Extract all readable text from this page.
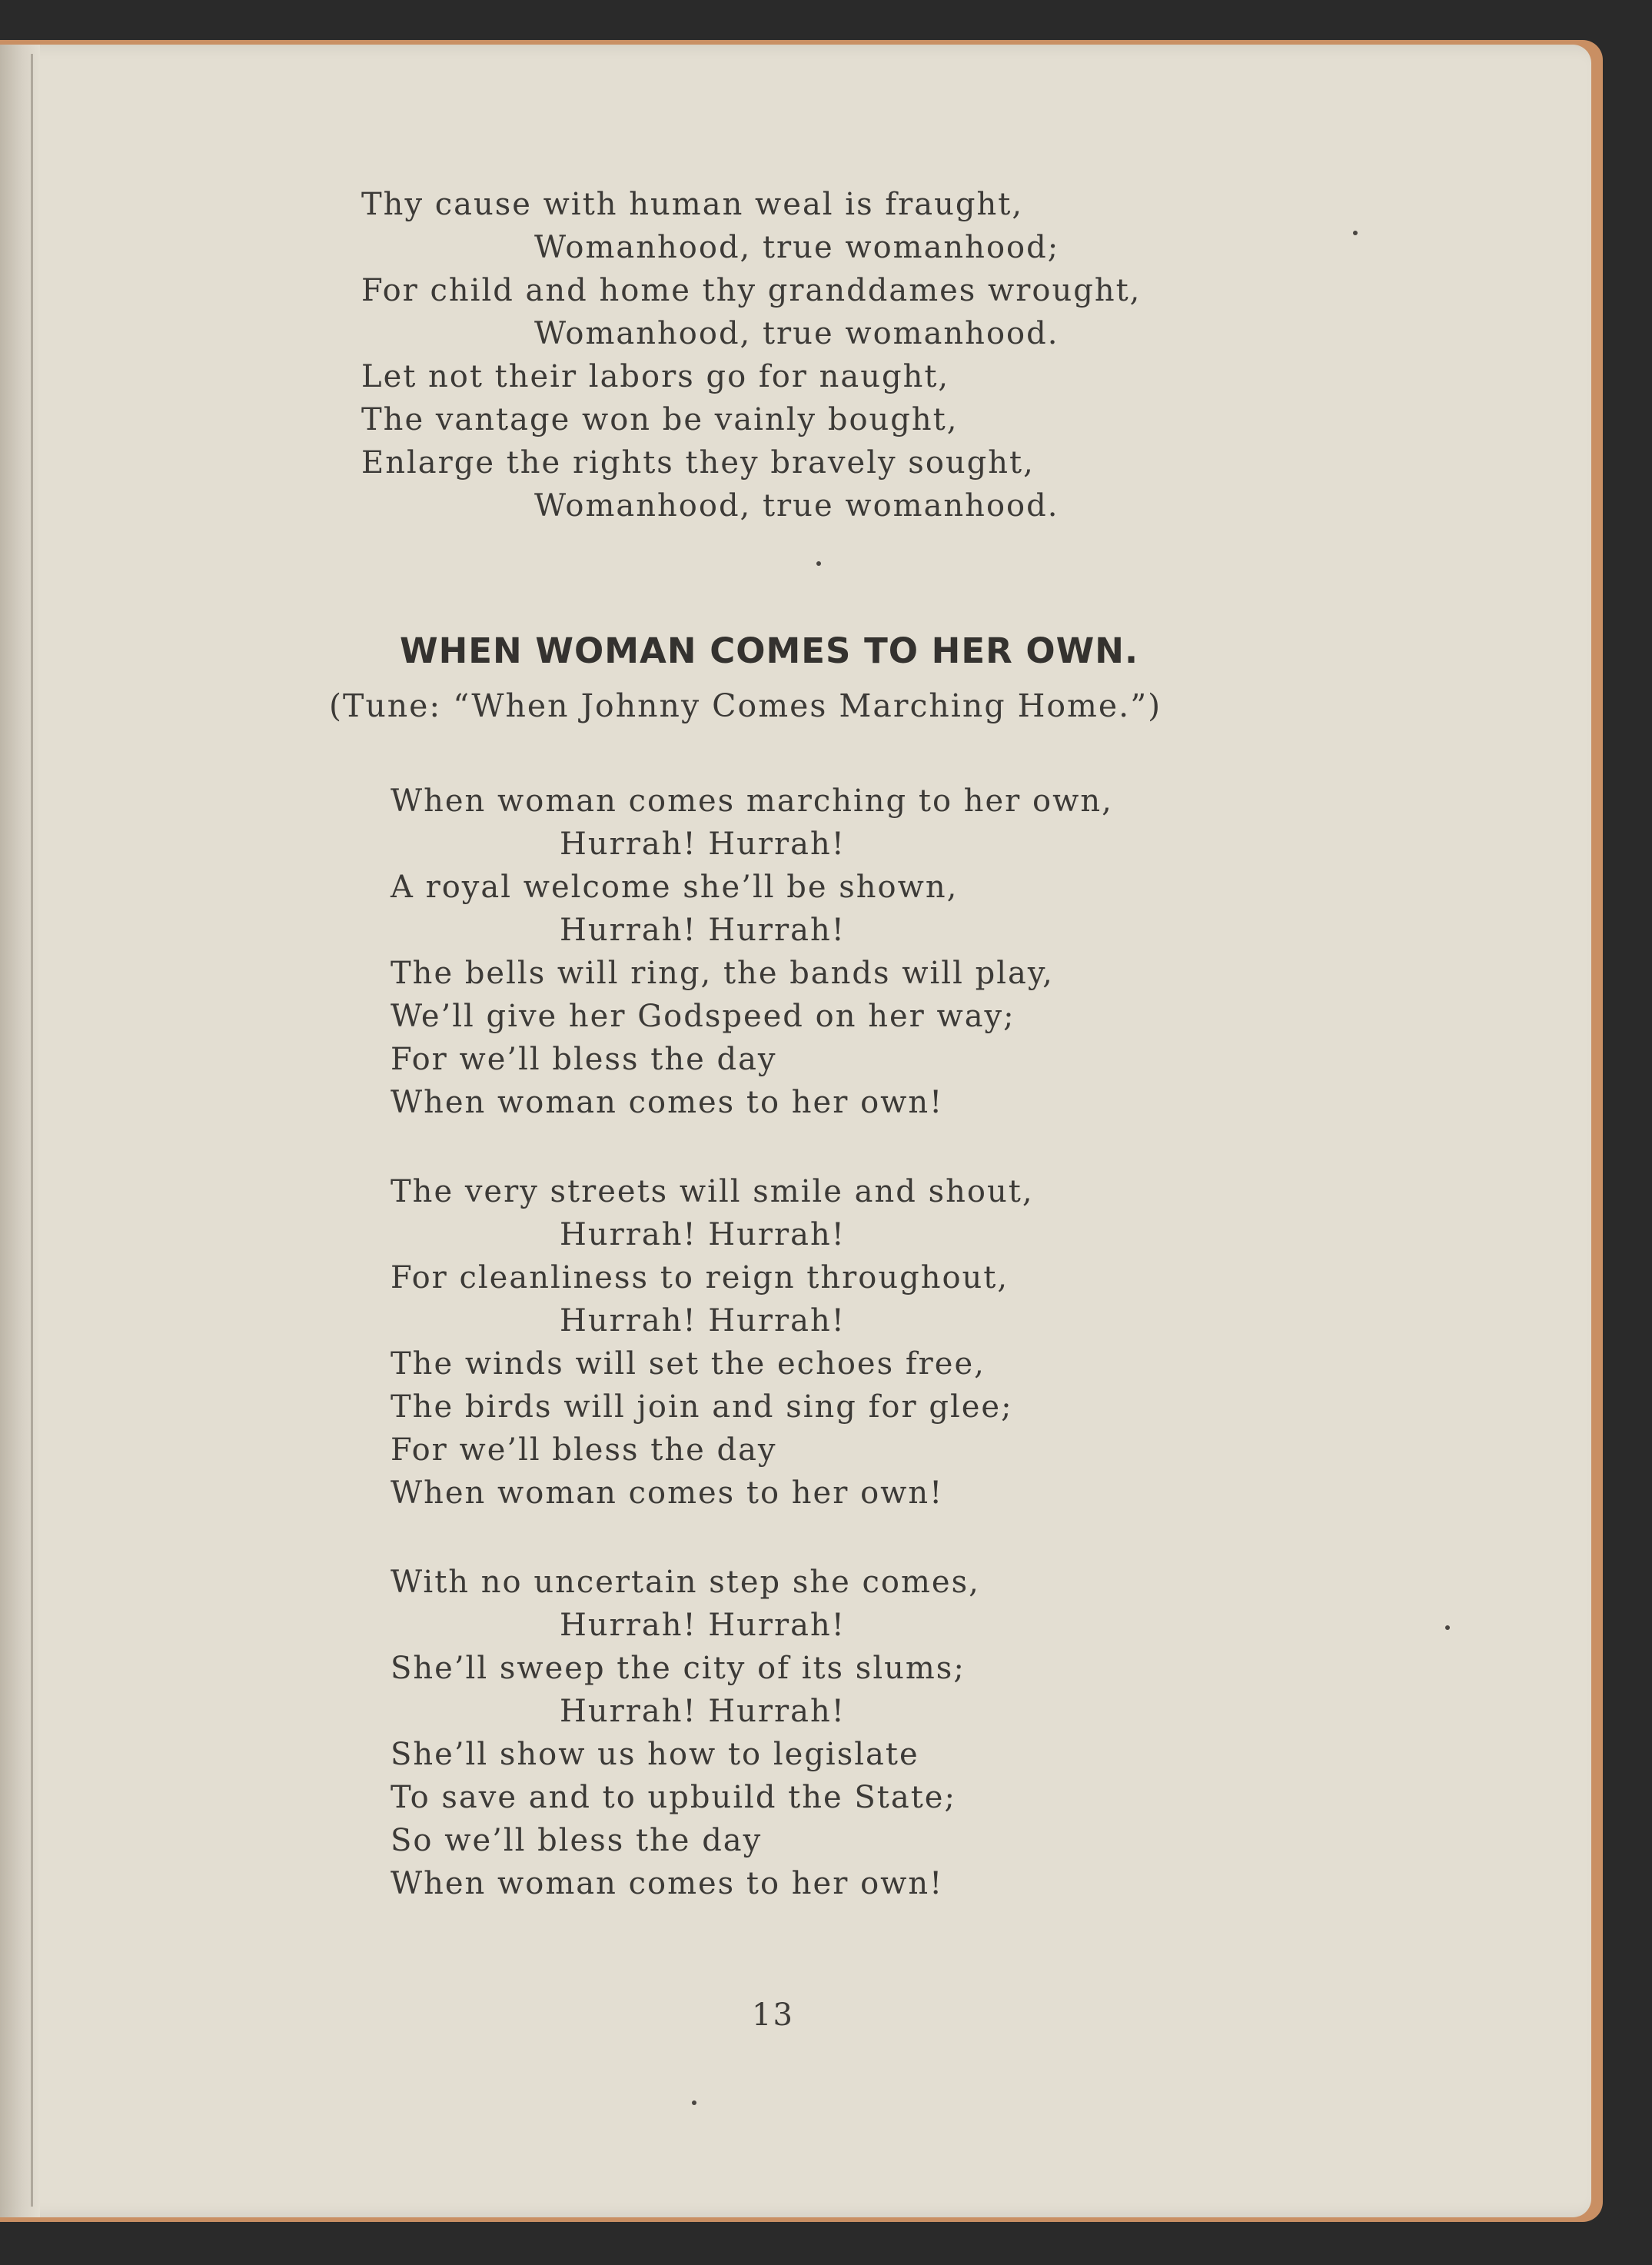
Thy cause with human weal is fraught,
Womanhood, true womanhood;
For child and home thy granddames wrought,
Womanhood, true womanhood.
Let not their labors go for naught,
The vantage won be vainly bought,
Enlarge the rights they bravely sought,
Womanhood, true womanhood.
WHEN WOMAN COMES TO HER OWN.
(Tune: “When Johnny Comes Marching Home.”)
When woman comes marching to her own,
Hurrah! Hurrah!
A royal welcome she’ll be shown,
Hurrah! Hurrah!
The bells will ring, the bands will play,
We’ll give her Godspeed on her way;
For we’ll bless the day
When woman comes to her own!
The very streets will smile and shout,
Hurrah! Hurrah!
For cleanliness to reign throughout,
Hurrah! Hurrah!
The winds will set the echoes free,
The birds will join and sing for glee;
For we’ll bless the day
When woman comes to her own!
With no uncertain step she comes,
Hurrah! Hurrah!
She’ll sweep the city of its slums;
Hurrah! Hurrah!
She’ll show us how to legislate
To save and to upbuild the State;
So we’ll bless the day
When woman comes to her own!
13
